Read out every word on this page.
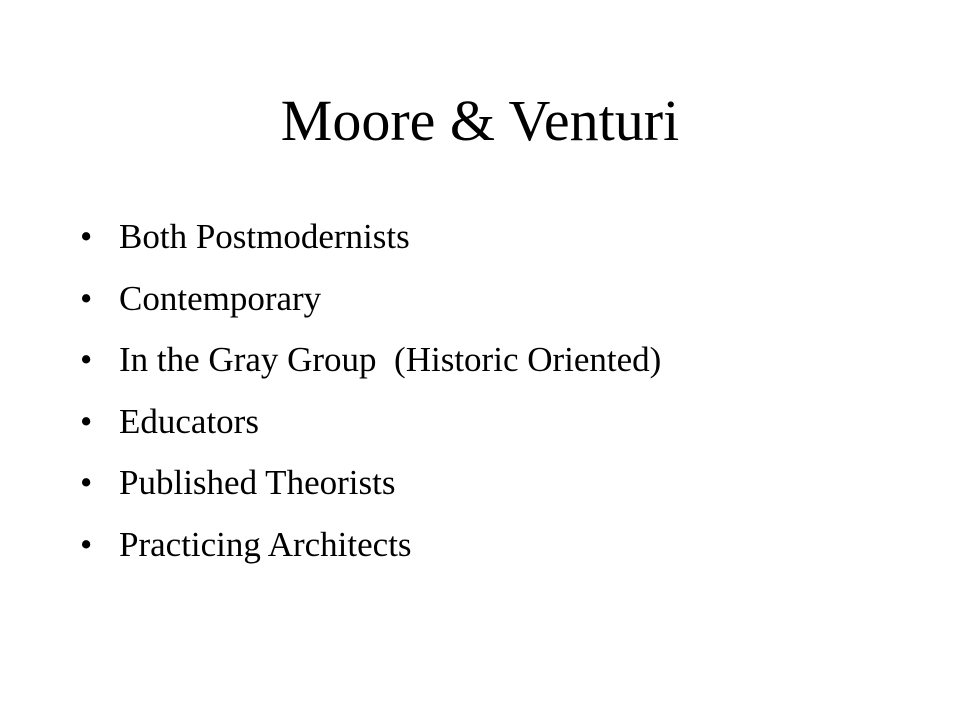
Moore & Venturi
• Both Postmodernists
• Contemporary
• In the Gray Group  (Historic Oriented)
• Educators
• Published Theorists
• Practicing Architects
